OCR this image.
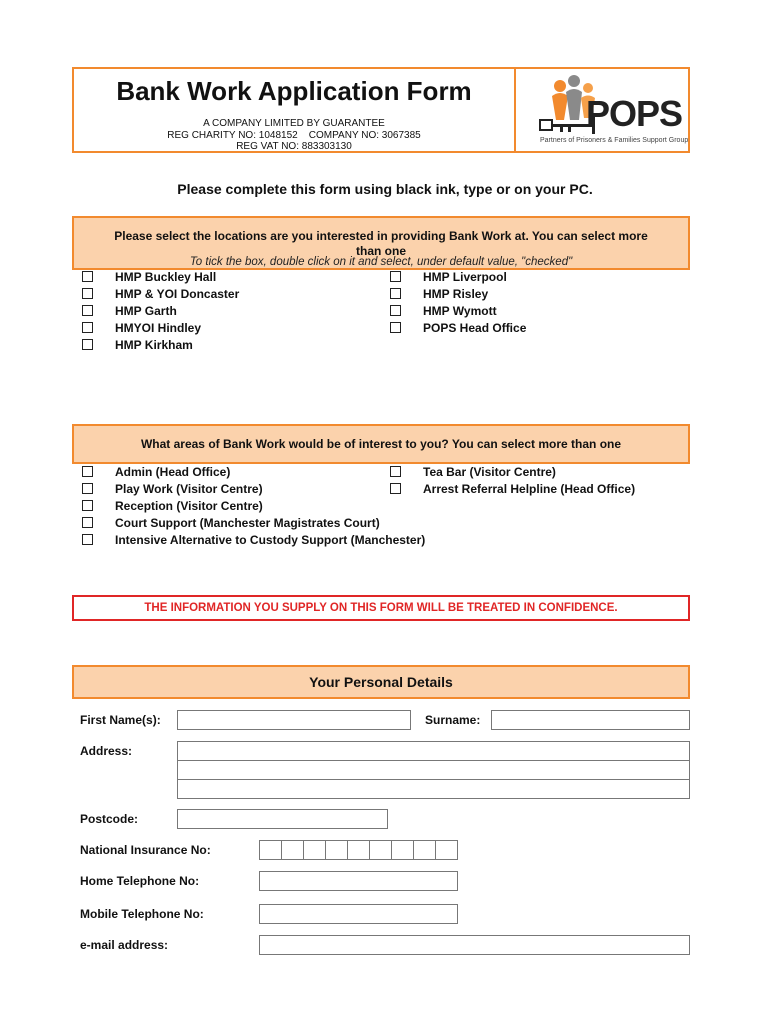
Bank Work Application Form
A COMPANY LIMITED BY GUARANTEE
REG CHARITY NO: 1048152    COMPANY NO: 3067385
REG VAT NO: 883303130
POPS
Partners of Prisoners & Families Support Group
Please complete this form using black ink, type or on your PC.
Please select the locations are you interested in providing Bank Work at. You can select more
than one
To tick the box, double click on it and select, under default value, "checked"
HMP Buckley Hall
HMP & YOI Doncaster
HMP Garth
HMYOI Hindley
HMP Kirkham
HMP Liverpool
HMP Risley
HMP Wymott
POPS Head Office
What areas of Bank Work would be of interest to you? You can select more than one
Admin (Head Office)
Play Work (Visitor Centre)
Reception (Visitor Centre)
Court Support (Manchester Magistrates Court)
Intensive Alternative to Custody Support (Manchester)
Tea Bar (Visitor Centre)
Arrest Referral Helpline (Head Office)
THE INFORMATION YOU SUPPLY ON THIS FORM WILL BE TREATED IN CONFIDENCE.
Your Personal Details
First Name(s):	Surname:
Address:
Postcode:
National Insurance No:
Home Telephone No:
Mobile Telephone No:
e-mail address:
